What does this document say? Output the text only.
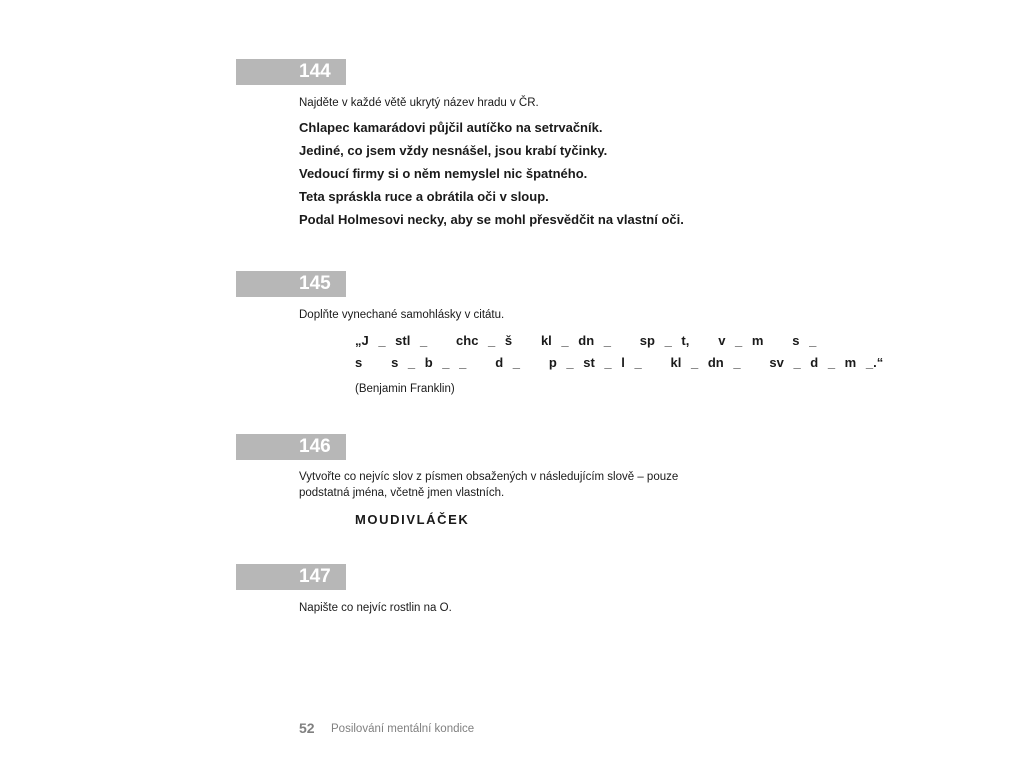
144
Najděte v každé větě ukrytý název hradu v ČR.
Chlapec kamarádovi půjčil autíčko na setrvačník.
Jediné, co jsem vždy nesnášel, jsou krabí tyčinky.
Vedoucí firmy si o něm nemyslel nic špatného.
Teta spráskla ruce a obrátila oči v sloup.
Podal Holmesovi necky, aby se mohl přesvědčit na vlastní oči.
145
Doplňte vynechané samohlásky v citátu.
„J _ stl _   chc _ š   kl _ dn _   sp _ t,   v _ m   s _
s   s _ b _ _   d _   p _ st _ l _   kl _ dn _   sv _ d _ m _.“
(Benjamin Franklin)
146
Vytvořte co nejvíc slov z písmen obsažených v následujícím slově – pouze
podstatná jména, včetně jmen vlastních.
MOUDIVLÁČEK
147
Napište co nejvíc rostlin na O.
52 Posilování mentální kondice
